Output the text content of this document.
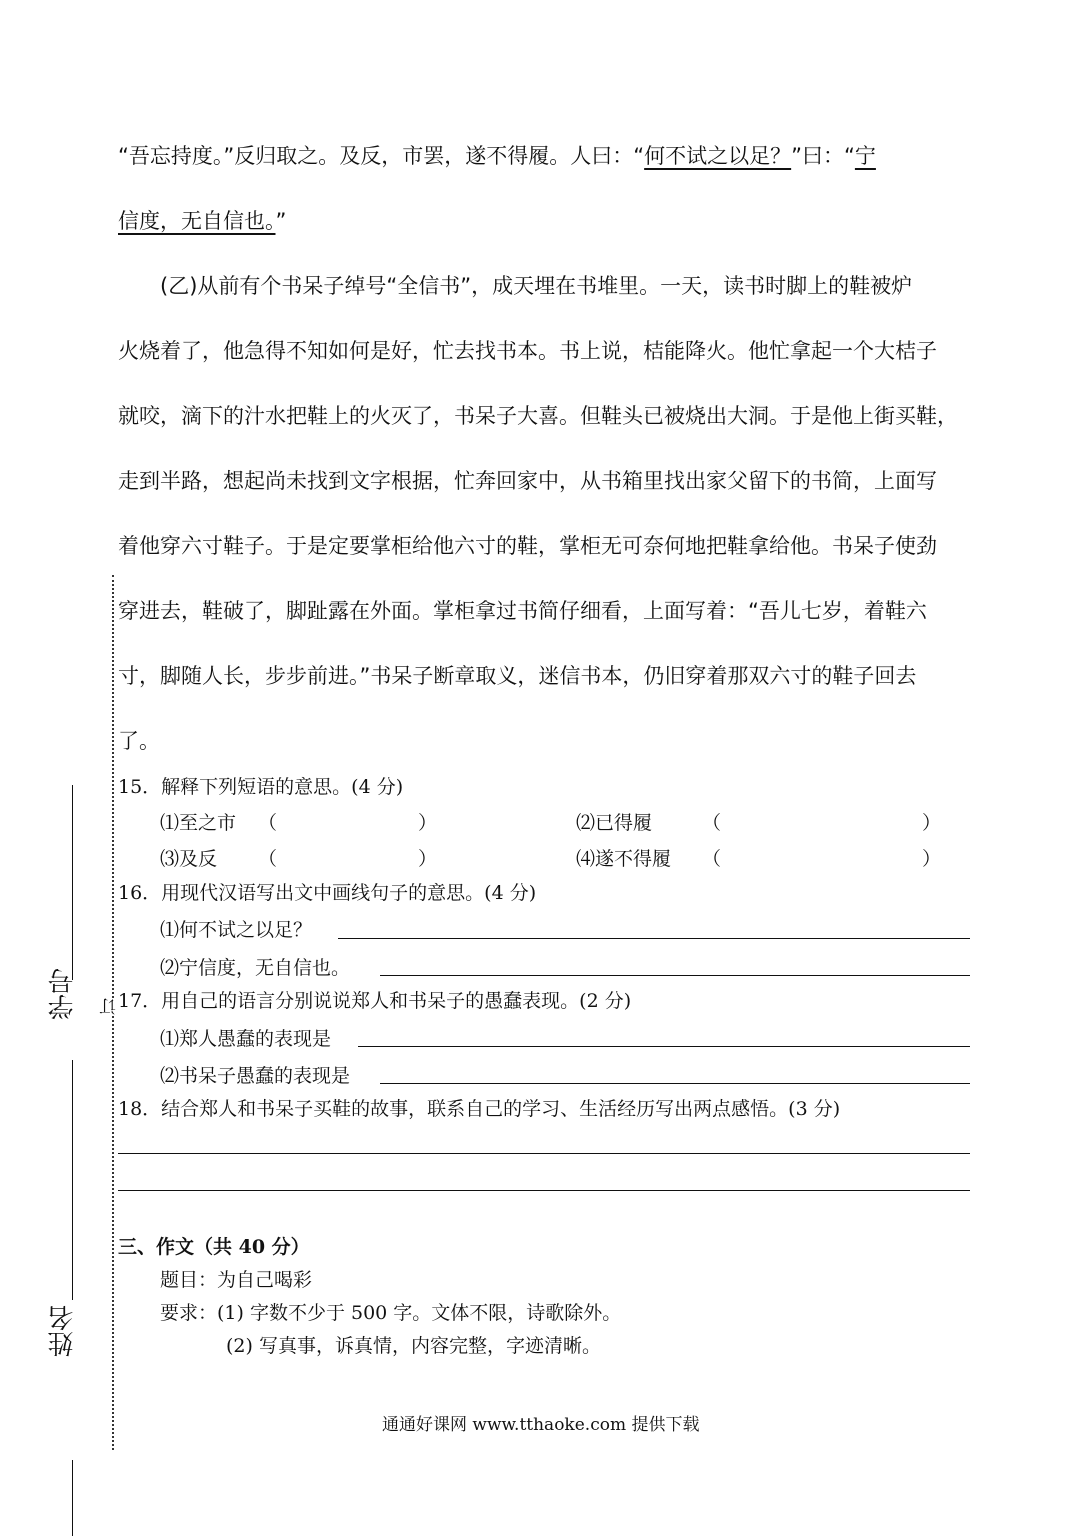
学号
姓名
订
“吾忘持度。”反归取之。及反，市罢，遂不得履。人曰：“何不试之以足？”曰：“宁
信度，无自信也。”
(乙)从前有个书呆子绰号“全信书”，成天埋在书堆里。一天，读书时脚上的鞋被炉
火烧着了，他急得不知如何是好，忙去找书本。书上说，桔能降火。他忙拿起一个大桔子
就咬，滴下的汁水把鞋上的火灭了，书呆子大喜。但鞋头已被烧出大洞。于是他上街买鞋，
走到半路，想起尚未找到文字根据，忙奔回家中，从书箱里找出家父留下的书简，上面写
着他穿六寸鞋子。于是定要掌柜给他六寸的鞋，掌柜无可奈何地把鞋拿给他。书呆子使劲
穿进去，鞋破了，脚趾露在外面。掌柜拿过书简仔细看，上面写着：“吾儿七岁，着鞋六
寸，脚随人长，步步前进。”书呆子断章取义，迷信书本，仍旧穿着那双六寸的鞋子回去
了。
15．解释下列短语的意思。(4 分)
⑴至之市 （	）	⑵已得履	（	）
⑶及反 （	）	⑷遂不得履 （	）
16．用现代汉语写出文中画线句子的意思。(4 分)
⑴何不试之以足？
⑵宁信度，无自信也。
17．用自己的语言分别说说郑人和书呆子的愚蠢表现。(2 分)
⑴郑人愚蠢的表现是
⑵书呆子愚蠢的表现是
18．结合郑人和书呆子买鞋的故事，联系自己的学习、生活经历写出两点感悟。(3 分)
三、作文（共 40 分）
题目：为自己喝彩
要求：(1) 字数不少于 500 字。文体不限，诗歌除外。
(2) 写真事，诉真情，内容完整，字迹清晰。
通通好课网 www.tthaoke.com 提供下载
